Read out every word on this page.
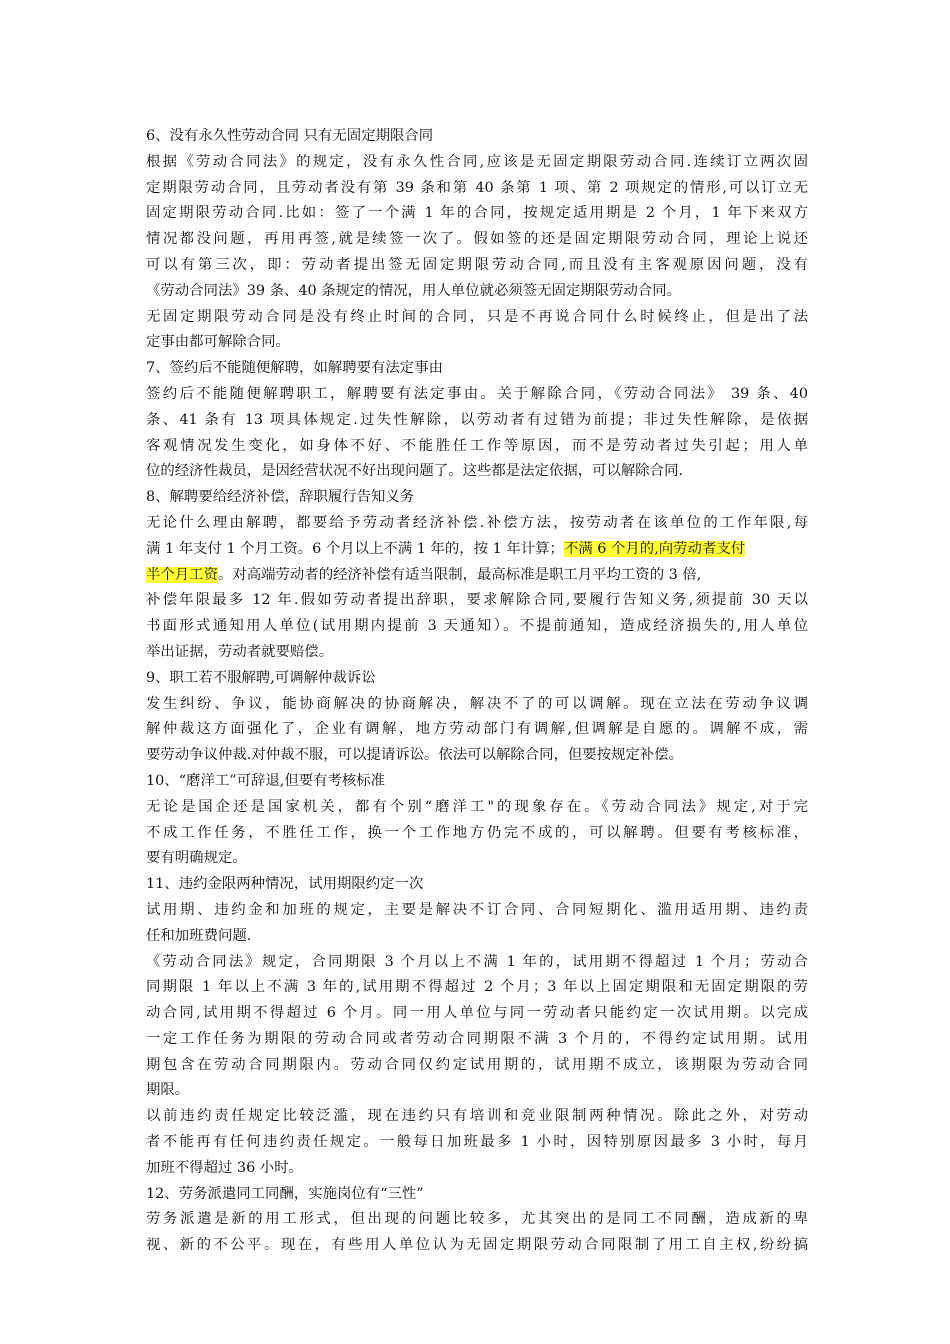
6、没有永久性劳动合同 只有无固定期限合同
根据《劳动合同法》的规定，没有永久性合同,应该是无固定期限劳动合同.连续订立两次固
定期限劳动合同，且劳动者没有第 39 条和第 40 条第 1 项、第 2 项规定的情形,可以订立无
固定期限劳动合同.比如：签了一个满 1 年的合同，按规定适用期是 2 个月，1 年下来双方
情况都没问题，再用再签,就是续签一次了。假如签的还是固定期限劳动合同，理论上说还
可以有第三次，即：劳动者提出签无固定期限劳动合同,而且没有主客观原因问题，没有
《劳动合同法》39 条、40 条规定的情况，用人单位就必须签无固定期限劳动合同。
无固定期限劳动合同是没有终止时间的合同，只是不再说合同什么时候终止，但是出了法
定事由都可解除合同。
7、签约后不能随便解聘，如解聘要有法定事由
签约后不能随便解聘职工，解聘要有法定事由。关于解除合同，《劳动合同法》 39 条、40
条、41 条有 13 项具体规定.过失性解除，以劳动者有过错为前提；非过失性解除，是依据
客观情况发生变化，如身体不好、不能胜任工作等原因，而不是劳动者过失引起；用人单
位的经济性裁员，是因经营状况不好出现问题了。这些都是法定依据，可以解除合同.
8、解聘要给经济补偿，辞职履行告知义务
无论什么理由解聘，都要给予劳动者经济补偿.补偿方法，按劳动者在该单位的工作年限,每
满 1 年支付 1 个月工资。6 个月以上不满 1 年的，按 1 年计算；不满 6 个月的,向劳动者支付
半个月工资。对高端劳动者的经济补偿有适当限制，最高标准是职工月平均工资的 3 倍,
补偿年限最多 12 年.假如劳动者提出辞职，要求解除合同,要履行告知义务,须提前 30 天以
书面形式通知用人单位(试用期内提前 3 天通知）。不提前通知，造成经济损失的,用人单位
举出证据，劳动者就要赔偿。
9、职工若不服解聘,可调解仲裁诉讼
发生纠纷、争议，能协商解决的协商解决，解决不了的可以调解。现在立法在劳动争议调
解仲裁这方面强化了，企业有调解，地方劳动部门有调解,但调解是自愿的。调解不成，需
要劳动争议仲裁.对仲裁不服，可以提请诉讼。依法可以解除合同，但要按规定补偿。
10、“磨洋工”可辞退,但要有考核标准
无论是国企还是国家机关，都有个别“磨洋工"的现象存在。《劳动合同法》规定,对于完
不成工作任务，不胜任工作，换一个工作地方仍完不成的，可以解聘。但要有考核标准，
要有明确规定。
11、违约金限两种情况，试用期限约定一次
试用期、违约金和加班的规定，主要是解决不订合同、合同短期化、滥用适用期、违约责
任和加班费问题.
《劳动合同法》规定，合同期限 3 个月以上不满 1 年的，试用期不得超过 1 个月；劳动合
同期限 1 年以上不满 3 年的,试用期不得超过 2 个月；3 年以上固定期限和无固定期限的劳
动合同,试用期不得超过 6 个月。同一用人单位与同一劳动者只能约定一次试用期。以完成
一定工作任务为期限的劳动合同或者劳动合同期限不满 3 个月的，不得约定试用期。试用
期包含在劳动合同期限内。劳动合同仅约定试用期的，试用期不成立，该期限为劳动合同
期限。
以前违约责任规定比较泛滥，现在违约只有培训和竞业限制两种情况。除此之外，对劳动
者不能再有任何违约责任规定。一般每日加班最多 1 小时，因特别原因最多 3 小时，每月
加班不得超过 36 小时。
12、劳务派遣同工同酬，实施岗位有“三性”
劳务派遣是新的用工形式，但出现的问题比较多，尤其突出的是同工不同酬，造成新的卑
视、新的不公平。现在，有些用人单位认为无固定期限劳动合同限制了用工自主权,纷纷搞
